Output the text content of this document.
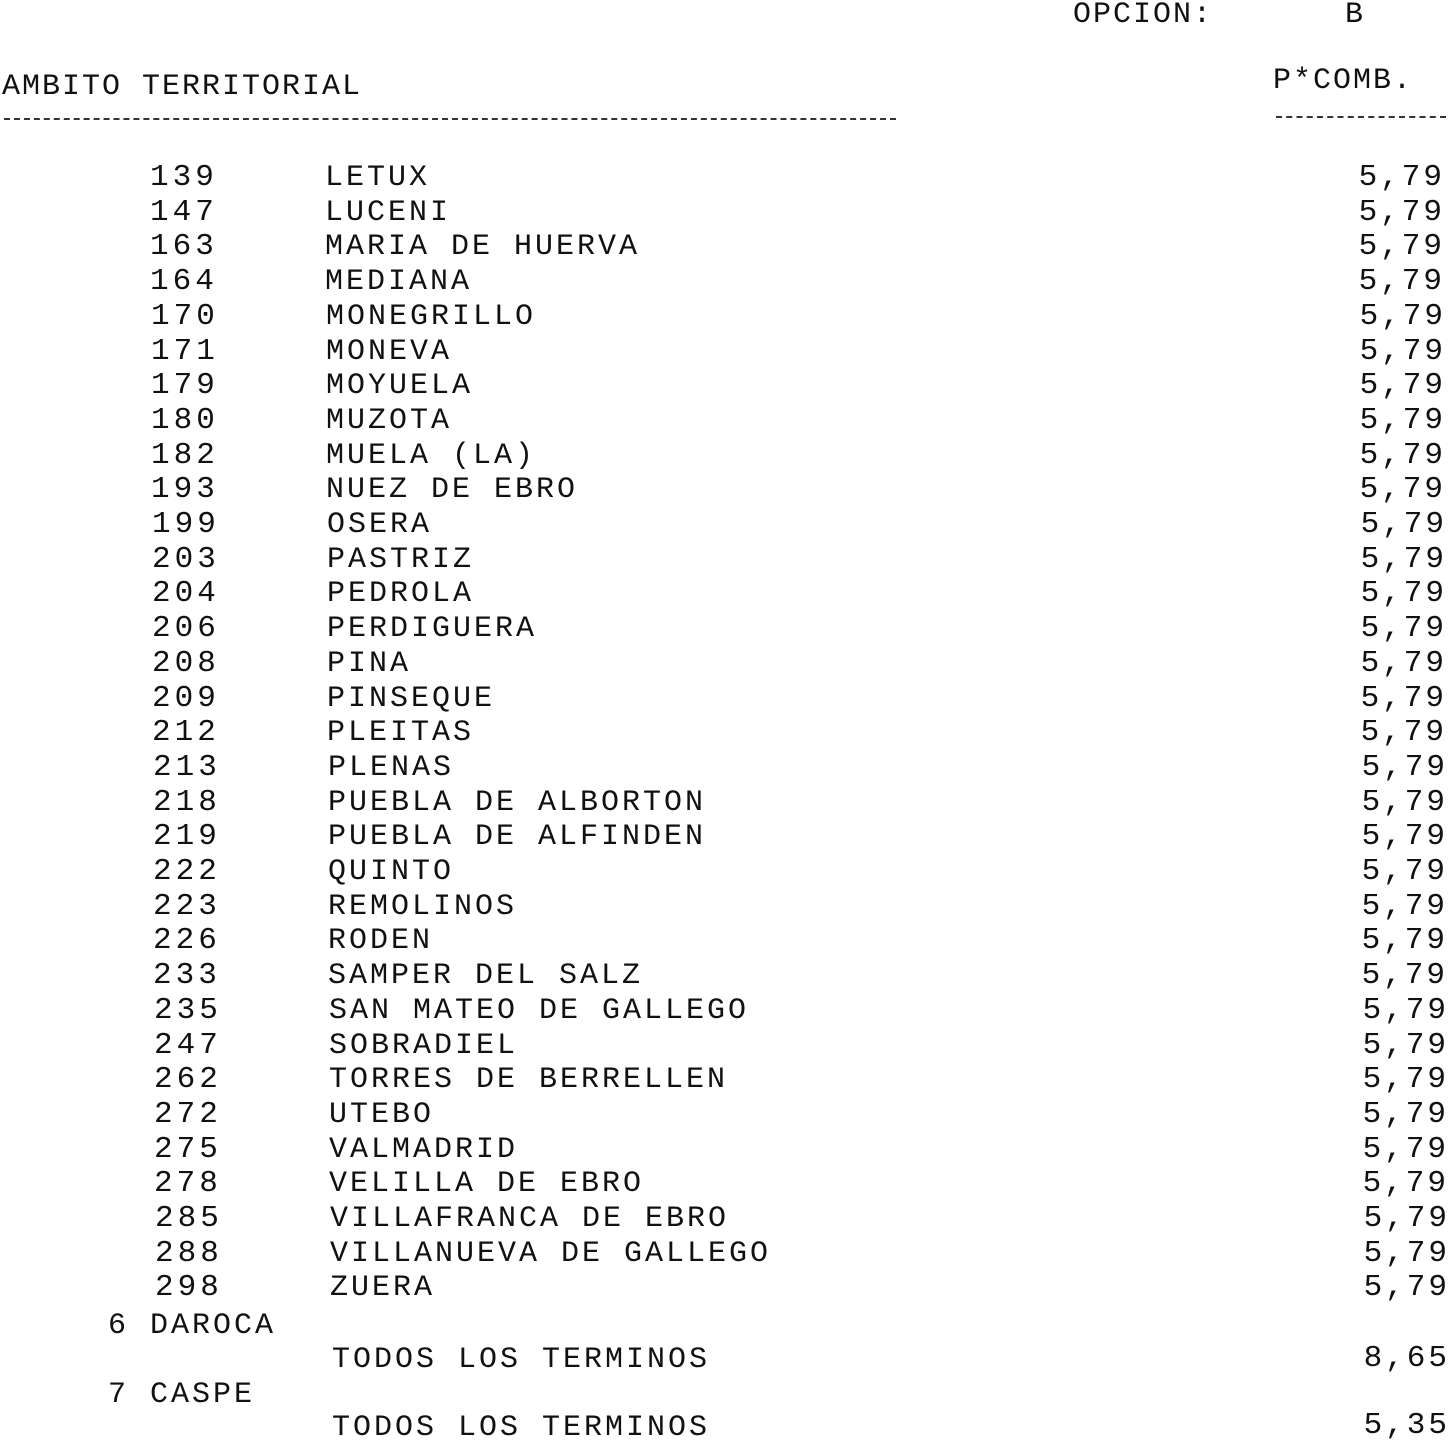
OPCION:	B
AMBITO TERRITORIAL	P*COMB.
139	LETUX	5,79
147	LUCENI	5,79
163	MARIA DE HUERVA	5,79
164	MEDIANA	5,79
170	MONEGRILLO	5,79
171	MONEVA	5,79
179	MOYUELA	5,79
180	MUZOTA	5,79
182	MUELA (LA)	5,79
193	NUEZ DE EBRO	5,79
199	OSERA	5,79
203	PASTRIZ	5,79
204	PEDROLA	5,79
206	PERDIGUERA	5,79
208	PINA	5,79
209	PINSEQUE	5,79
212	PLEITAS	5,79
213	PLENAS	5,79
218	PUEBLA DE ALBORTON	5,79
219	PUEBLA DE ALFINDEN	5,79
222	QUINTO	5,79
223	REMOLINOS	5,79
226	RODEN	5,79
233	SAMPER DEL SALZ	5,79
235	SAN MATEO DE GALLEGO	5,79
247	SOBRADIEL	5,79
262	TORRES DE BERRELLEN	5,79
272	UTEBO	5,79
275	VALMADRID	5,79
278	VELILLA DE EBRO	5,79
285	VILLAFRANCA DE EBRO	5,79
288	VILLANUEVA DE GALLEGO	5,79
298	ZUERA	5,79
6 DAROCA
TODOS LOS TERMINOS	8,65
7 CASPE
TODOS LOS TERMINOS	5,35
